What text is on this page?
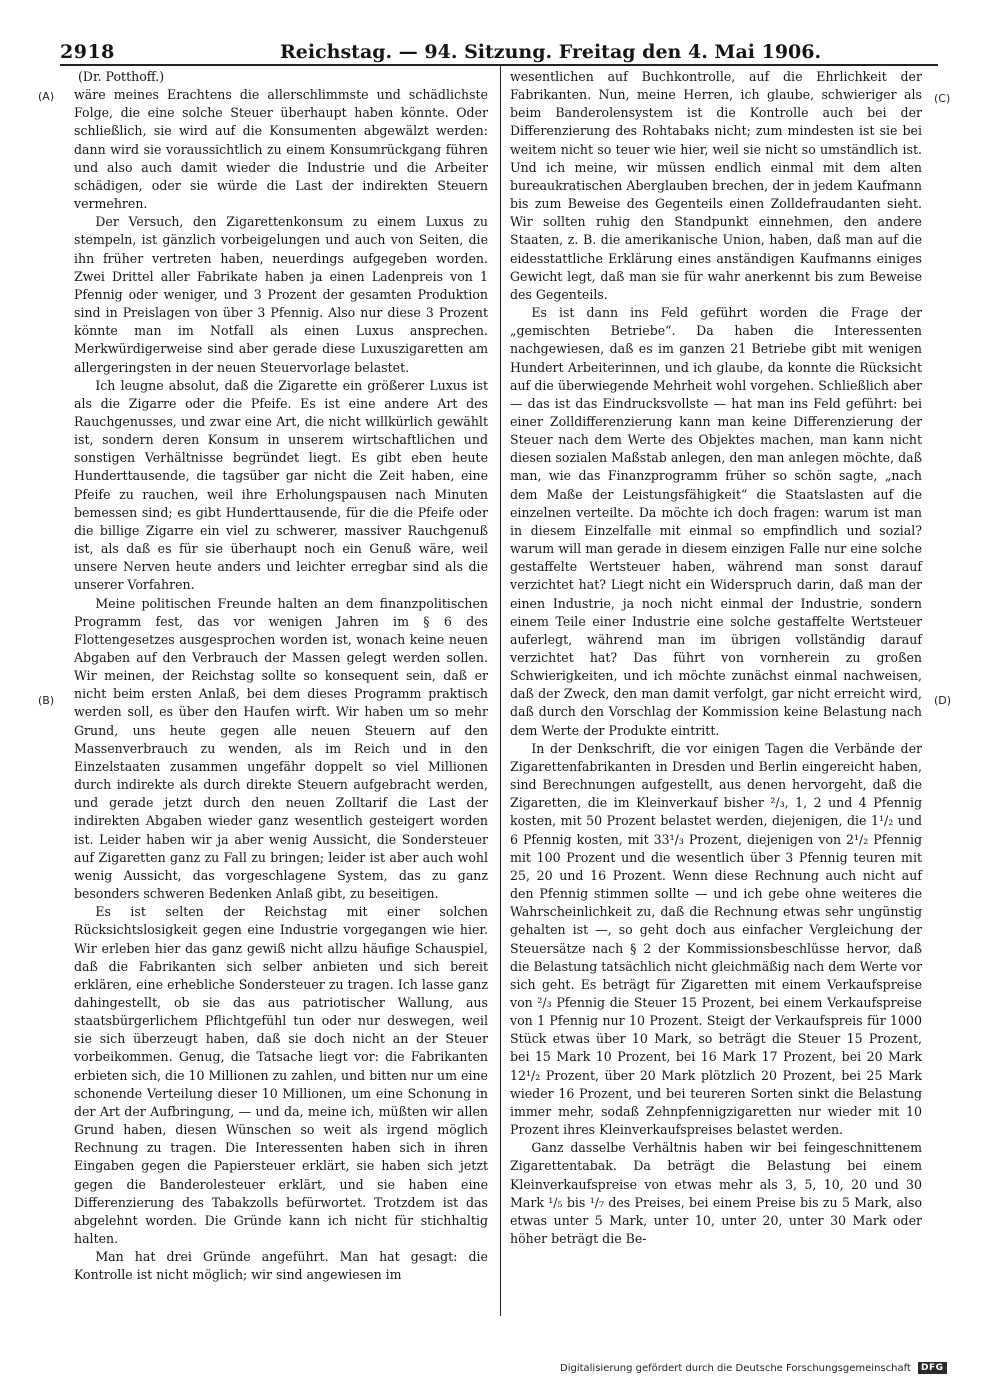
2918	Reichstag. — 94. Sitzung. Freitag den 4. Mai 1906.
(A)
(B)
(C)
(D)

(Dr. Potthoff.)

wäre meines Erachtens die allerschlimmste und schädlichste Folge, die eine solche Steuer überhaupt haben könnte. Oder schließlich, sie wird auf die Konsumenten abgewälzt werden: dann wird sie voraussichtlich zu einem Konsumrückgang führen und also auch damit wieder die Industrie und die Arbeiter schädigen, oder sie würde die Last der indirekten Steuern vermehren.

Der Versuch, den Zigarettenkonsum zu einem Luxus zu stempeln, ist gänzlich vorbeigelungen und auch von Seiten, die ihn früher vertreten haben, neuerdings aufgegeben worden. Zwei Drittel aller Fabrikate haben ja einen Ladenpreis von 1 Pfennig oder weniger, und 3 Prozent der gesamten Produktion sind in Preislagen von über 3 Pfennig. Also nur diese 3 Prozent könnte man im Notfall als einen Luxus ansprechen. Merkwürdigerweise sind aber gerade diese Luxuszigaretten am allergeringsten in der neuen Steuervorlage belastet.

Ich leugne absolut, daß die Zigarette ein größerer Luxus ist als die Zigarre oder die Pfeife. Es ist eine andere Art des Rauchgenusses, und zwar eine Art, die nicht willkürlich gewählt ist, sondern deren Konsum in unserem wirtschaftlichen und sonstigen Verhältnisse begründet liegt. Es gibt eben heute Hunderttausende, die tagsüber gar nicht die Zeit haben, eine Pfeife zu rauchen, weil ihre Erholungspausen nach Minuten bemessen sind; es gibt Hunderttausende, für die die Pfeife oder die billige Zigarre ein viel zu schwerer, massiver Rauchgenuß ist, als daß es für sie überhaupt noch ein Genuß wäre, weil unsere Nerven heute anders und leichter erregbar sind als die unserer Vorfahren.

Meine politischen Freunde halten an dem finanzpolitischen Programm fest, das vor wenigen Jahren im § 6 des Flottengesetzes ausgesprochen worden ist, wonach keine neuen Abgaben auf den Verbrauch der Massen gelegt werden sollen. Wir meinen, der Reichstag sollte so konsequent sein, daß er nicht beim ersten Anlaß, bei dem dieses Programm praktisch werden soll, es über den Haufen wirft. Wir haben um so mehr Grund, uns heute gegen alle neuen Steuern auf den Massenverbrauch zu wenden, als im Reich und in den Einzelstaaten zusammen ungefähr doppelt so viel Millionen durch indirekte als durch direkte Steuern aufgebracht werden, und gerade jetzt durch den neuen Zolltarif die Last der indirekten Abgaben wieder ganz wesentlich gesteigert worden ist. Leider haben wir ja aber wenig Aussicht, die Sondersteuer auf Zigaretten ganz zu Fall zu bringen; leider ist aber auch wohl wenig Aussicht, das vorgeschlagene System, das zu ganz besonders schweren Bedenken Anlaß gibt, zu beseitigen.

Es ist selten der Reichstag mit einer solchen Rücksichtslosigkeit gegen eine Industrie vorgegangen wie hier. Wir erleben hier das ganz gewiß nicht allzu häufige Schauspiel, daß die Fabrikanten sich selber anbieten und sich bereit erklären, eine erhebliche Sondersteuer zu tragen. Ich lasse ganz dahingestellt, ob sie das aus patriotischer Wallung, aus staatsbürgerlichem Pflichtgefühl tun oder nur deswegen, weil sie sich überzeugt haben, daß sie doch nicht an der Steuer vorbeikommen. Genug, die Tatsache liegt vor: die Fabrikanten erbieten sich, die 10 Millionen zu zahlen, und bitten nur um eine schonende Verteilung dieser 10 Millionen, um eine Schonung in der Art der Aufbringung, — und da, meine ich, müßten wir allen Grund haben, diesen Wünschen so weit als irgend möglich Rechnung zu tragen. Die Interessenten haben sich in ihren Eingaben gegen die Papiersteuer erklärt, sie haben sich jetzt gegen die Banderolesteuer erklärt, und sie haben eine Differenzierung des Tabakzolls befürwortet. Trotzdem ist das abgelehnt worden. Die Gründe kann ich nicht für stichhaltig halten.

Man hat drei Gründe angeführt. Man hat gesagt: die Kontrolle ist nicht möglich; wir sind angewiesen im

wesentlichen auf Buchkontrolle, auf die Ehrlichkeit der Fabrikanten. Nun, meine Herren, ich glaube, schwieriger als beim Banderolensystem ist die Kontrolle auch bei der Differenzierung des Rohtabaks nicht; zum mindesten ist sie bei weitem nicht so teuer wie hier, weil sie nicht so umständlich ist. Und ich meine, wir müssen endlich einmal mit dem alten bureaukratischen Aberglauben brechen, der in jedem Kaufmann bis zum Beweise des Gegenteils einen Zolldefraudanten sieht. Wir sollten ruhig den Standpunkt einnehmen, den andere Staaten, z. B. die amerikanische Union, haben, daß man auf die eidesstattliche Erklärung eines anständigen Kaufmanns einiges Gewicht legt, daß man sie für wahr anerkennt bis zum Beweise des Gegenteils.

Es ist dann ins Feld geführt worden die Frage der „gemischten Betriebe“. Da haben die Interessenten nachgewiesen, daß es im ganzen 21 Betriebe gibt mit wenigen Hundert Arbeiterinnen, und ich glaube, da konnte die Rücksicht auf die überwiegende Mehrheit wohl vorgehen. Schließlich aber — das ist das Eindrucksvollste — hat man ins Feld geführt: bei einer Zolldifferenzierung kann man keine Differenzierung der Steuer nach dem Werte des Objektes machen, man kann nicht diesen sozialen Maßstab anlegen, den man anlegen möchte, daß man, wie das Finanzprogramm früher so schön sagte, „nach dem Maße der Leistungsfähigkeit“ die Staatslasten auf die einzelnen verteilte. Da möchte ich doch fragen: warum ist man in diesem Einzelfalle mit einmal so empfindlich und sozial? warum will man gerade in diesem einzigen Falle nur eine solche gestaffelte Wertsteuer haben, während man sonst darauf verzichtet hat? Liegt nicht ein Widerspruch darin, daß man der einen Industrie, ja noch nicht einmal der Industrie, sondern einem Teile einer Industrie eine solche gestaffelte Wertsteuer auferlegt, während man im übrigen vollständig darauf verzichtet hat? Das führt von vornherein zu großen Schwierigkeiten, und ich möchte zunächst einmal nachweisen, daß der Zweck, den man damit verfolgt, gar nicht erreicht wird, daß durch den Vorschlag der Kommission keine Belastung nach dem Werte der Produkte eintritt.

In der Denkschrift, die vor einigen Tagen die Verbände der Zigarettenfabrikanten in Dresden und Berlin eingereicht haben, sind Berechnungen aufgestellt, aus denen hervorgeht, daß die Zigaretten, die im Kleinverkauf bisher ²/₃, 1, 2 und 4 Pfennig kosten, mit 50 Prozent belastet werden, diejenigen, die 1¹/₂ und 6 Pfennig kosten, mit 33¹/₃ Prozent, diejenigen von 2¹/₂ Pfennig mit 100 Prozent und die wesentlich über 3 Pfennig teuren mit 25, 20 und 16 Prozent. Wenn diese Rechnung auch nicht auf den Pfennig stimmen sollte — und ich gebe ohne weiteres die Wahrscheinlichkeit zu, daß die Rechnung etwas sehr ungünstig gehalten ist —, so geht doch aus einfacher Vergleichung der Steuersätze nach § 2 der Kommissionsbeschlüsse hervor, daß die Belastung tatsächlich nicht gleichmäßig nach dem Werte vor sich geht. Es beträgt für Zigaretten mit einem Verkaufspreise von ²/₃ Pfennig die Steuer 15 Prozent, bei einem Verkaufspreise von 1 Pfennig nur 10 Prozent. Steigt der Verkaufspreis für 1000 Stück etwas über 10 Mark, so beträgt die Steuer 15 Prozent, bei 15 Mark 10 Prozent, bei 16 Mark 17 Prozent, bei 20 Mark 12¹/₂ Prozent, über 20 Mark plötzlich 20 Prozent, bei 25 Mark wieder 16 Prozent, und bei teureren Sorten sinkt die Belastung immer mehr, sodaß Zehnpfennigzigaretten nur wieder mit 10 Prozent ihres Kleinverkaufspreises belastet werden.

Ganz dasselbe Verhältnis haben wir bei feingeschnittenem Zigarettentabak. Da beträgt die Belastung bei einem Kleinverkaufspreise von etwas mehr als 3, 5, 10, 20 und 30 Mark ¹/₅ bis ¹/₇ des Preises, bei einem Preise bis zu 5 Mark, also etwas unter 5 Mark, unter 10, unter 20, unter 30 Mark oder höher beträgt die Be-

Digitalisierung gefördert durch die Deutsche Forschungsgemeinschaft DFG
